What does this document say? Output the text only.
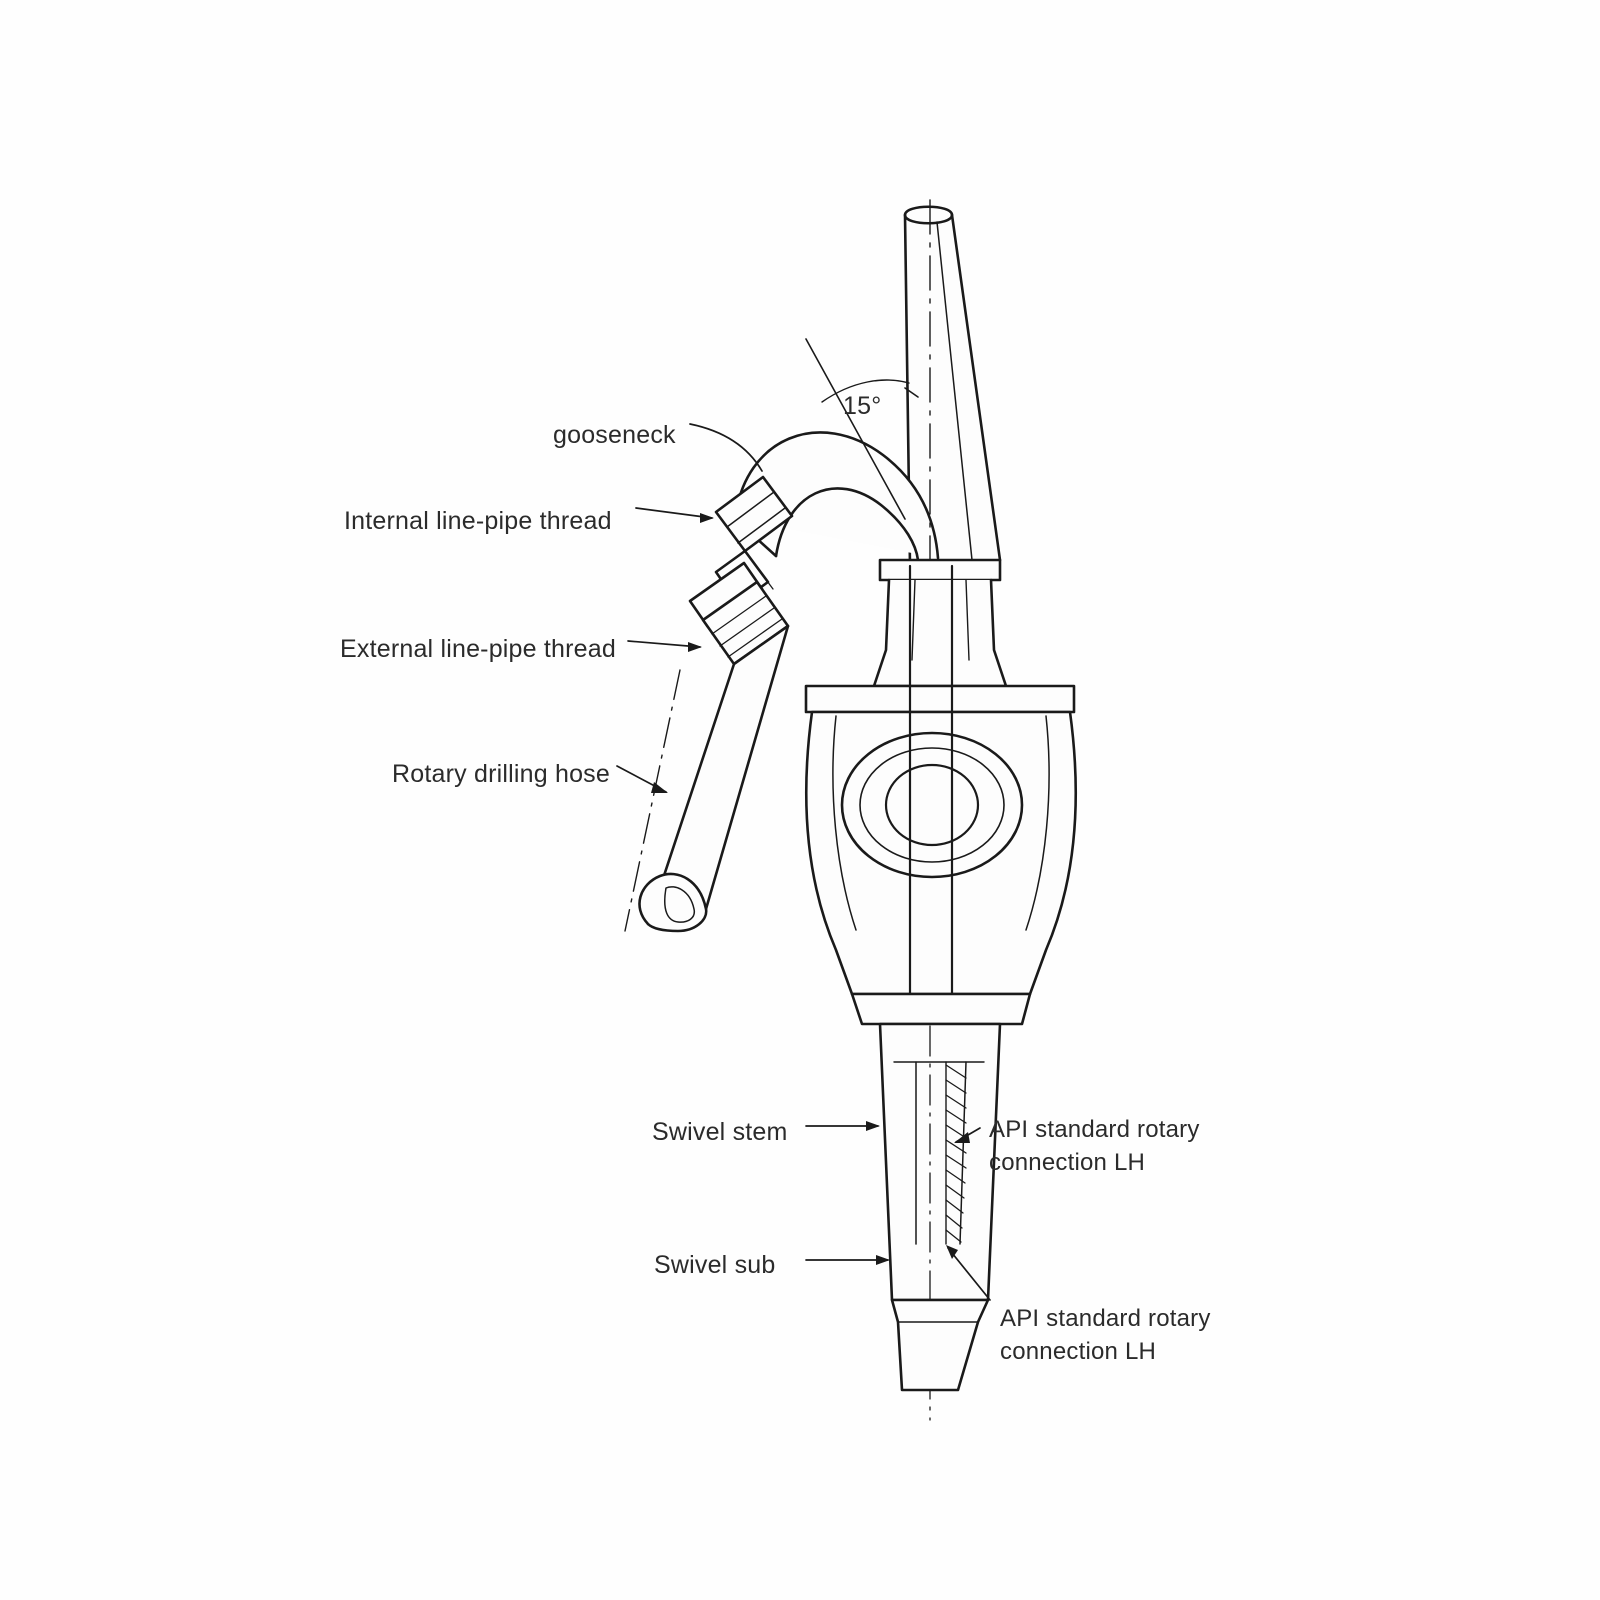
gooseneck
15°
Internal line-pipe thread
External line-pipe thread
Rotary drilling hose
Swivel stem	API standard rotary
connection LH
Swivel sub
API standard rotary
connection LH
